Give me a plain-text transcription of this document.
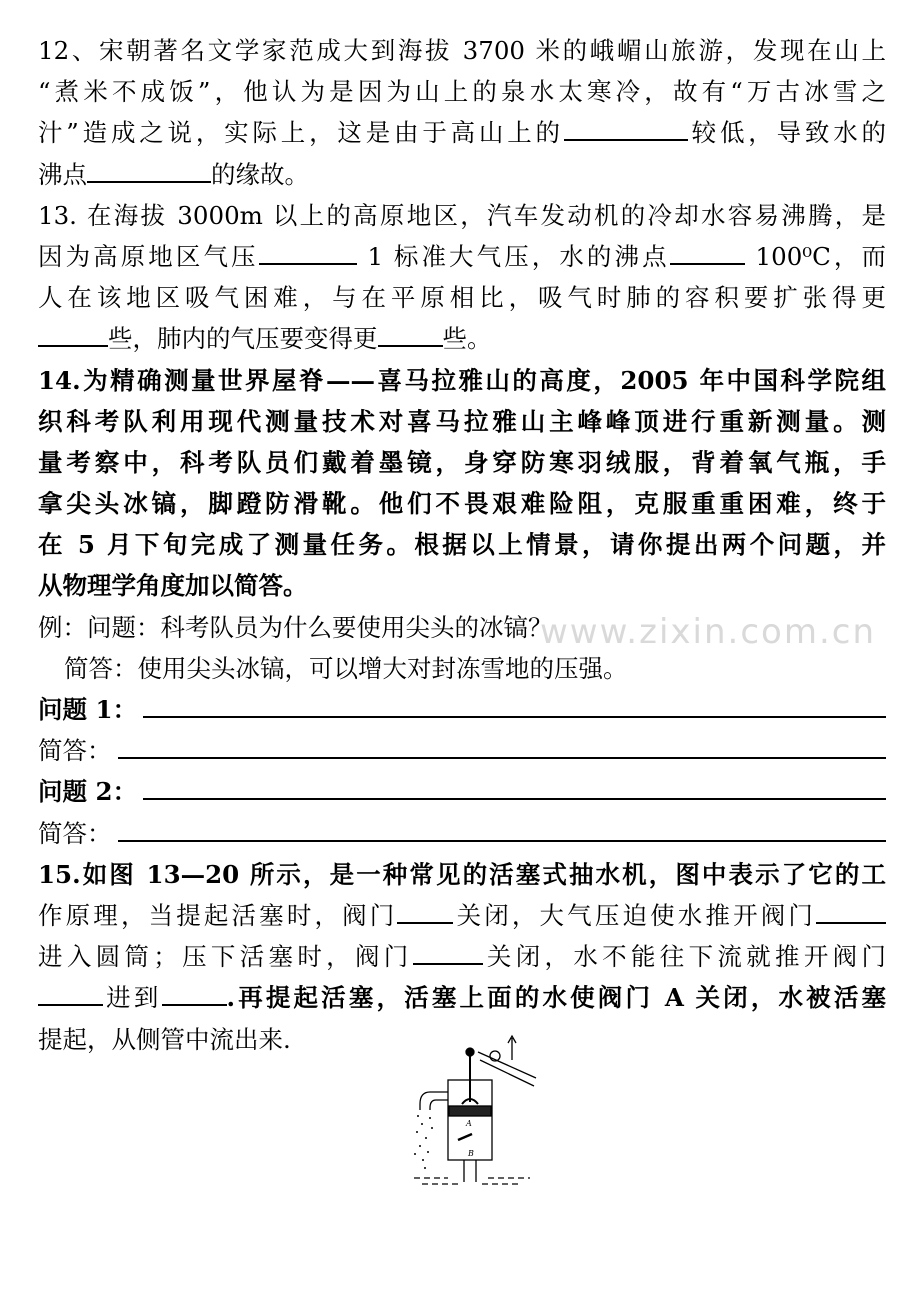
www.zixin.com.cn
12、宋朝著名文学家范成大到海拔 3700 米的峨嵋山旅游，发现在山上
“煮米不成饭”，他认为是因为山上的泉水太寒冷，故有“万古冰雪之
汁”造成之说，实际上，这是由于高山上的	较低，导致水的
沸点	的缘故。
13. 在海拔 3000m 以上的高原地区，汽车发动机的冷却水容易沸腾，是
因为高原地区气压	1 标准大气压，水的沸点	100⁰C，而
人在该地区吸气困难，与在平原相比，吸气时肺的容积要扩张得更
些，肺内的气压要变得更	些。
14.为精确测量世界屋脊——喜马拉雅山的高度，2005 年中国科学院组
织科考队利用现代测量技术对喜马拉雅山主峰峰顶进行重新测量。测
量考察中，科考队员们戴着墨镜，身穿防寒羽绒服，背着氧气瓶，手
拿尖头冰镐，脚蹬防滑靴。他们不畏艰难险阻，克服重重困难，终于
在 5 月下旬完成了测量任务。根据以上情景，请你提出两个问题，并
从物理学角度加以简答。
例：问题：科考队员为什么要使用尖头的冰镐？
简答：使用尖头冰镐，可以增大对封冻雪地的压强。
问题 1：
简答：
问题 2：
简答：
15.如图 13—20 所示，是一种常见的活塞式抽水机，图中表示了它的工
作原理，当提起活塞时，阀门 关闭，大气压迫使水推开阀门
进入圆筒；压下活塞时，阀门	关闭，水不能往下流就推开阀门
进到	.再提起活塞，活塞上面的水使阀门 A 关闭，水被活塞
提起，从侧管中流出来.
A
B
